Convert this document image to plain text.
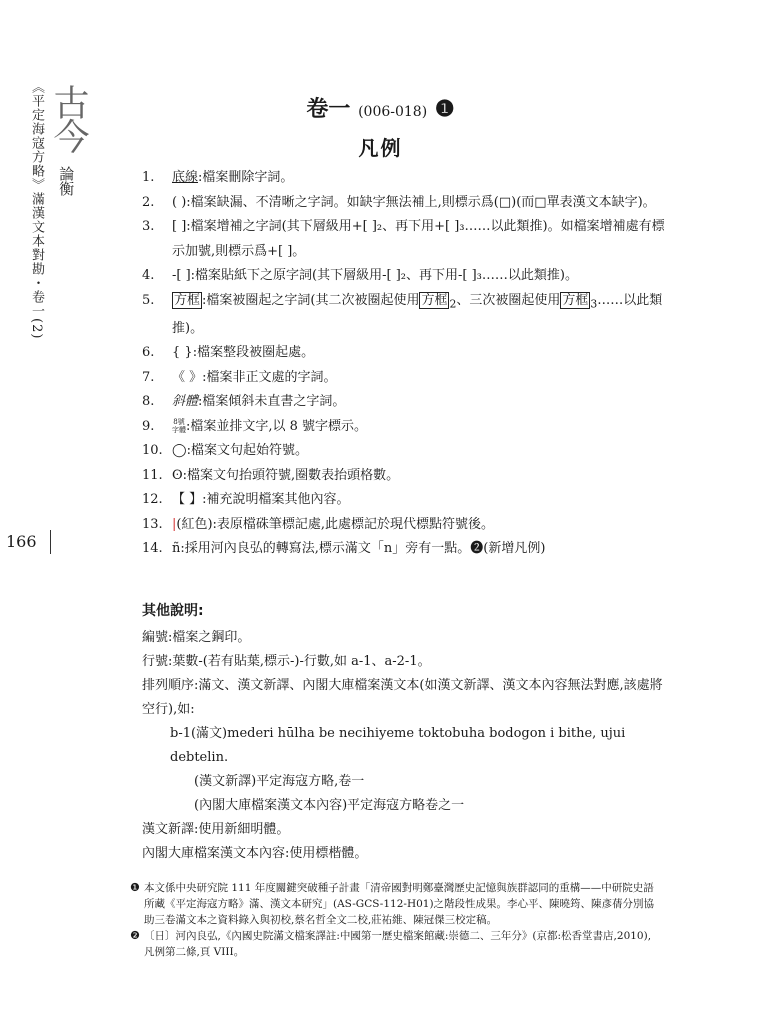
《平定海寇方略》滿漢文本對勘・卷一(2) 古今
論衡
166
卷一 (006-018) ❶
凡例
1. 底線:檔案刪除字詞。
2. ( ):檔案缺漏、不清晰之字詞。如缺字無法補上,則標示爲(□)(而□單表漢文本缺字)。
3. [ ]:檔案增補之字詞(其下層級用+[ ]₂、再下用+[ ]₃……以此類推)。如檔案增補處有標示加號,則標示爲+[ ]。
4. -[ ]:檔案貼紙下之原字詞(其下層級用-[ ]₂、再下用-[ ]₃……以此類推)。
5. 方框 :檔案被圈起之字詞(其二次被圈起使用 方框 $_2$、三次被圈起使用 方框 $_3$……以此類推)。
6. { }:檔案整段被圈起處。
7. 《 》:檔案非正文處的字詞。
8. 斜體:檔案傾斜未直書之字詞。
9.	8號
字體:檔案並排文字,以 8 號字標示。
10. ◯:檔案文句起始符號。
11. ʘ:檔案文句抬頭符號,圈數表抬頭格數。
12. 【 】:補充說明檔案其他內容。
13. |(紅色):表原檔硃筆標記處,此處標記於現代標點符號後。
14. ñ:採用河內良弘的轉寫法,標示滿文「n」旁有一點。❷(新增凡例)
其他說明:
編號:檔案之鋼印。
行號:葉數-(若有貼葉,標示-)-行數,如 a-1、a-2-1。
排列順序:滿文、漢文新譯、內閣大庫檔案漢文本(如漢文新譯、漢文本內容無法對應,該處將空行),如:
b-1(滿文)mederi hūlha be necihiyeme toktobuha bodogon i bithe, ujui debtelin.
(漢文新譯)平定海寇方略,卷一
(內閣大庫檔案漢文本內容)平定海寇方略卷之一
漢文新譯:使用新細明體。
內閣大庫檔案漢文本內容:使用標楷體。
❶ 本文係中央研究院 111 年度關鍵突破種子計畫「清帝國對明鄭臺灣歷史記憶與族群認同的重構——中研院史語所藏《平定海寇方略》滿、漢文本研究」(AS-GCS-112-H01)之階段性成果。李心平、陳曉筠、陳彥蒨分別協助三卷滿文本之資料錄入與初校,蔡名哲全文二校,莊祐維、陳冠傑三校定稿。
❷ 〔日〕河內良弘,《內國史院滿文檔案譯註:中國第一歷史檔案館藏:崇德二、三年分》(京都:松香堂書店,2010),凡例第二條,頁 VIII。
